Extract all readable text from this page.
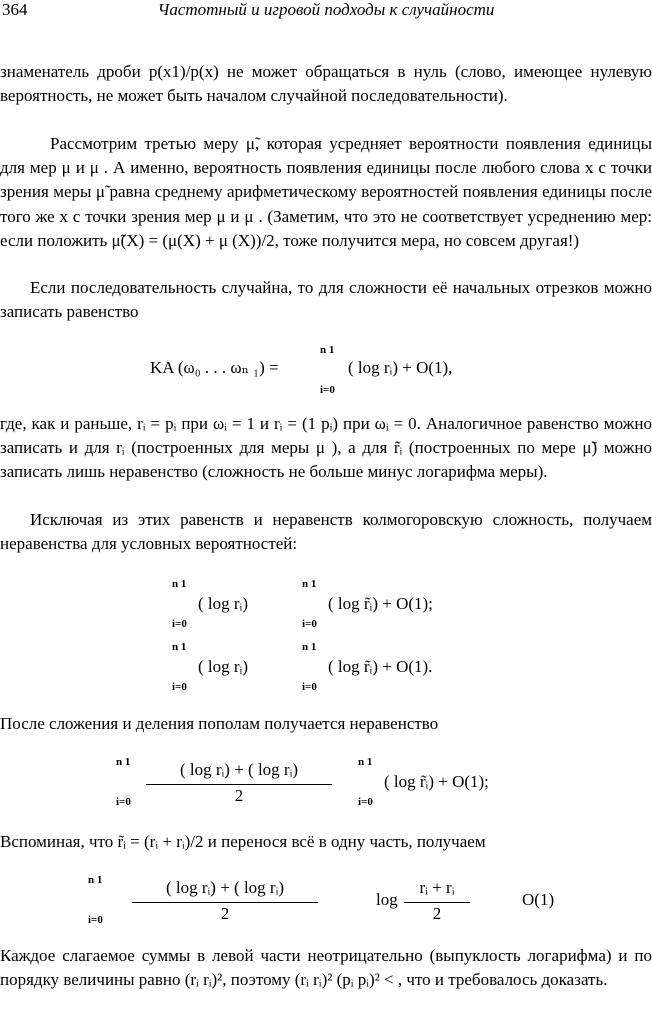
364	Частотный и игровой подходы к случайности

знаменатель дроби p(x1)/p(x) не может обращаться в нуль (слово, имеющее нулевую вероятность, не может быть началом случайной последовательности).

Рассмотрим третью меру μ̃, которая усредняет вероятности появления единицы для мер μ и μ . А именно, вероятность появления единицы после любого слова x с точки зрения меры μ̃ равна среднему арифметическому вероятностей появления единицы после того же x с точки зрения мер μ и μ . (Заметим, что это не соответствует усреднению мер: если положить μ̃(X) = (μ(X) + μ (X))/2, тоже получится мера, но совсем другая!)

Если последовательность случайна, то для сложности её начальных отрезков можно записать равенство

KA (ω₀ . . . ωₙ ₁) =
n 1
i=0
( log rᵢ) + O(1),

где, как и раньше, rᵢ = pᵢ при ωᵢ = 1 и rᵢ = (1 pᵢ) при ωᵢ = 0. Аналогичное равенство можно записать и для rᵢ (построенных для меры μ ), а для r̃ᵢ (построенных по мере μ̃) можно записать лишь неравенство (сложность не больше минус логарифма меры).

Исключая из этих равенств и неравенств колмогоровскую сложность, получаем неравенства для условных вероятностей:

n 1
i=0
( log rᵢ)
n 1
i=0
( log r̃ᵢ) + O(1);
n 1
i=0
( log rᵢ)
n 1
i=0
( log r̃ᵢ) + O(1).

После сложения и деления пополам получается неравенство

n 1
i=0
( log rᵢ) + ( log rᵢ)
2
n 1
i=0
( log r̃ᵢ) + O(1);

Вспоминая, что r̃ᵢ = (rᵢ + rᵢ)/2 и перенося всё в одну часть, получаем

n 1
i=0
( log rᵢ) + ( log rᵢ)
2
log
rᵢ + rᵢ
2
O(1)

Каждое слагаемое суммы в левой части неотрицательно (выпуклость логарифма) и по порядку величины равно (rᵢ rᵢ)², поэтому (rᵢ rᵢ)² (pᵢ pᵢ)² < , что и требовалось доказать.
